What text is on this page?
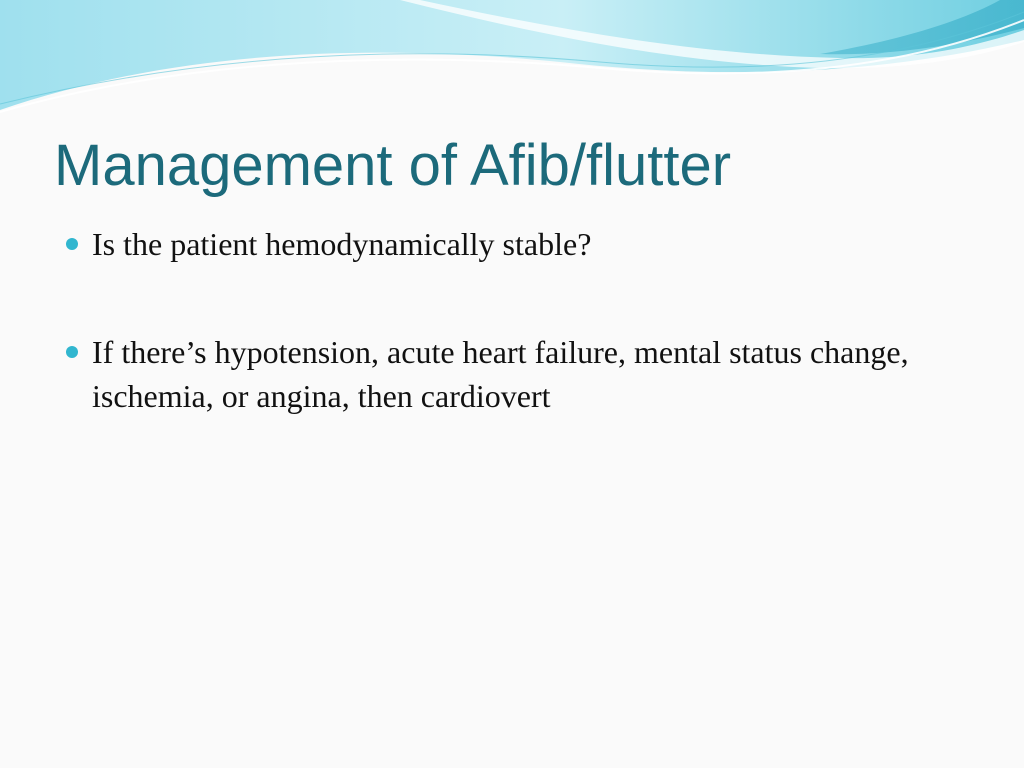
Management of Afib/flutter
Is the patient hemodynamically stable?
If there’s hypotension, acute heart failure, mental status change, ischemia, or angina, then cardiovert
